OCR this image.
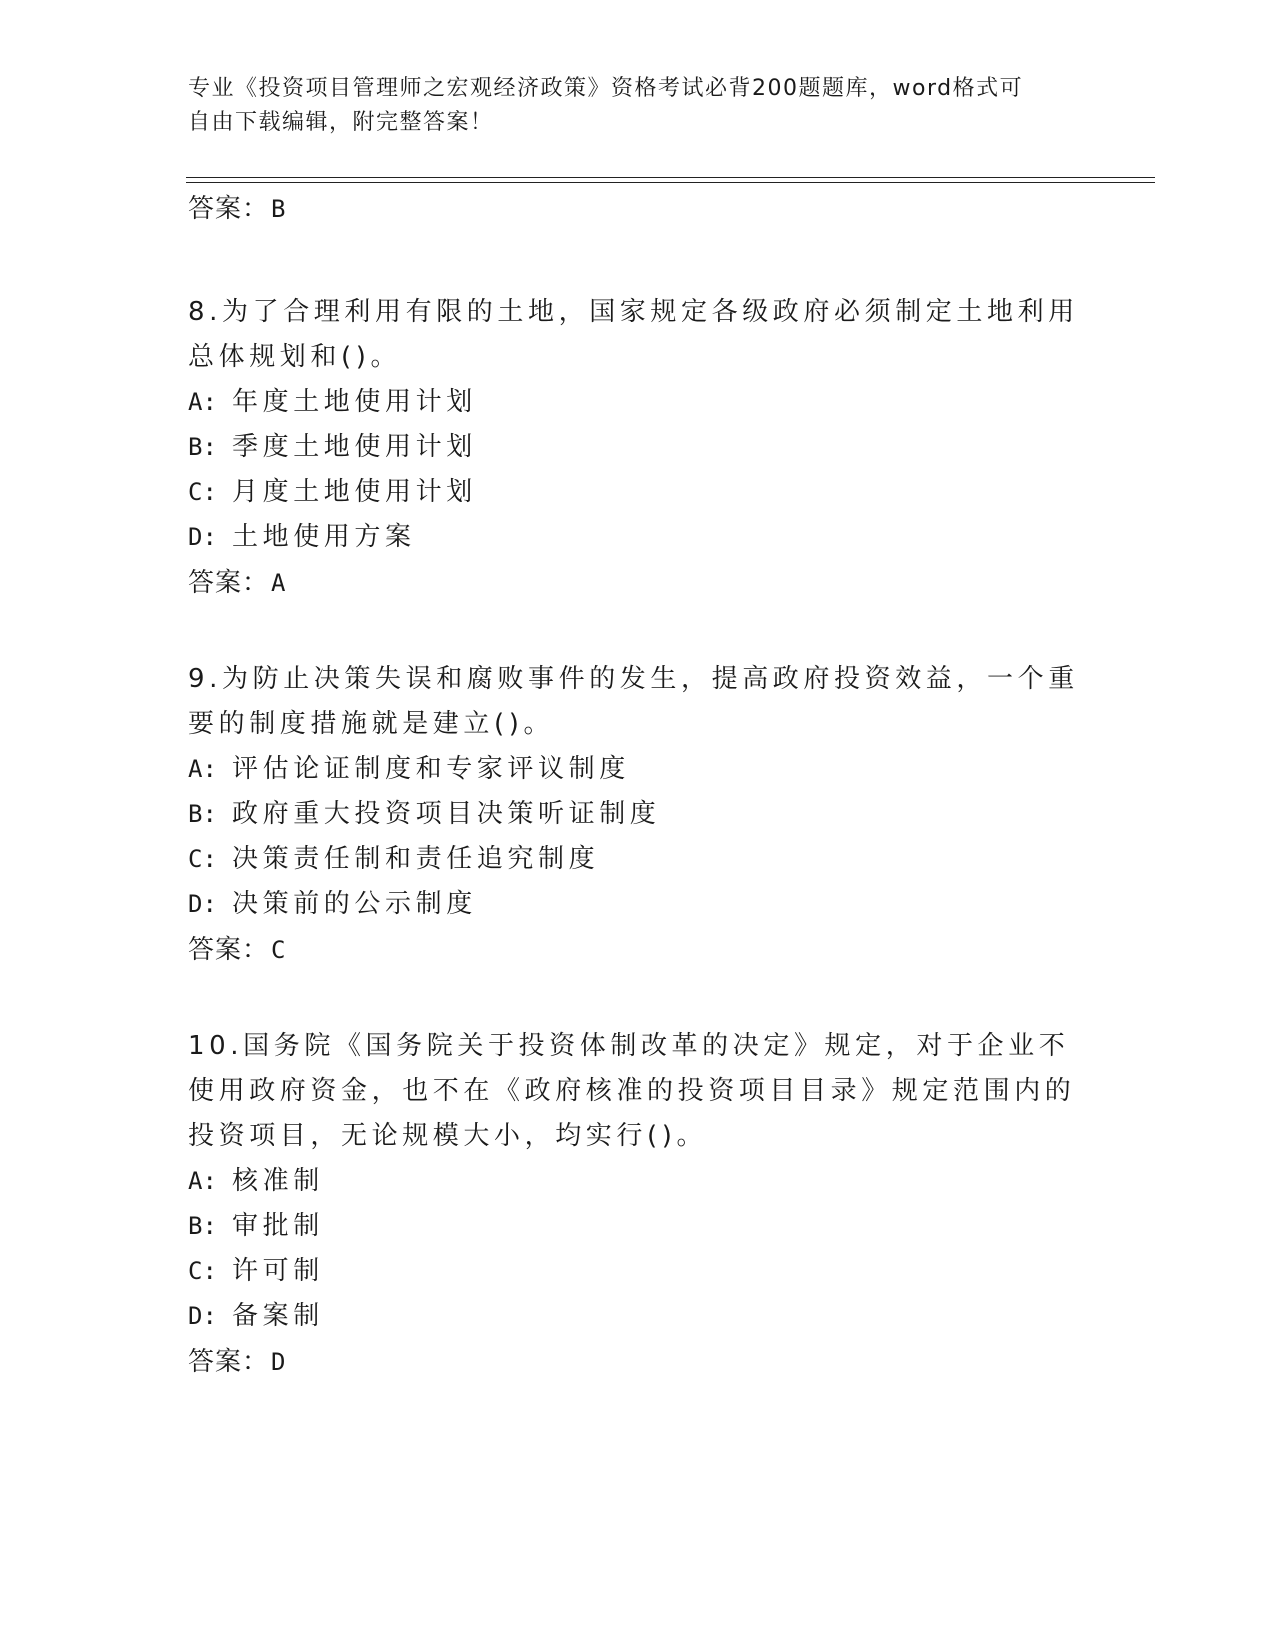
专业《投资项目管理师之宏观经济政策》资格考试必背200题题库，word格式可
自由下载编辑，附完整答案！

答案：B

8.为了合理利用有限的土地，国家规定各级政府必须制定土地利用总体规划和()。

A: 年度土地使用计划

B: 季度土地使用计划

C: 月度土地使用计划

D: 土地使用方案

答案：A

9.为防止决策失误和腐败事件的发生，提高政府投资效益，一个重要的制度措施就是建立()。

A: 评估论证制度和专家评议制度

B: 政府重大投资项目决策听证制度

C: 决策责任制和责任追究制度

D: 决策前的公示制度

答案：C

10.国务院《国务院关于投资体制改革的决定》规定，对于企业不使用政府资金，也不在《政府核准的投资项目目录》规定范围内的投资项目，无论规模大小，均实行()。

A: 核准制

B: 审批制

C: 许可制

D: 备案制

答案：D
